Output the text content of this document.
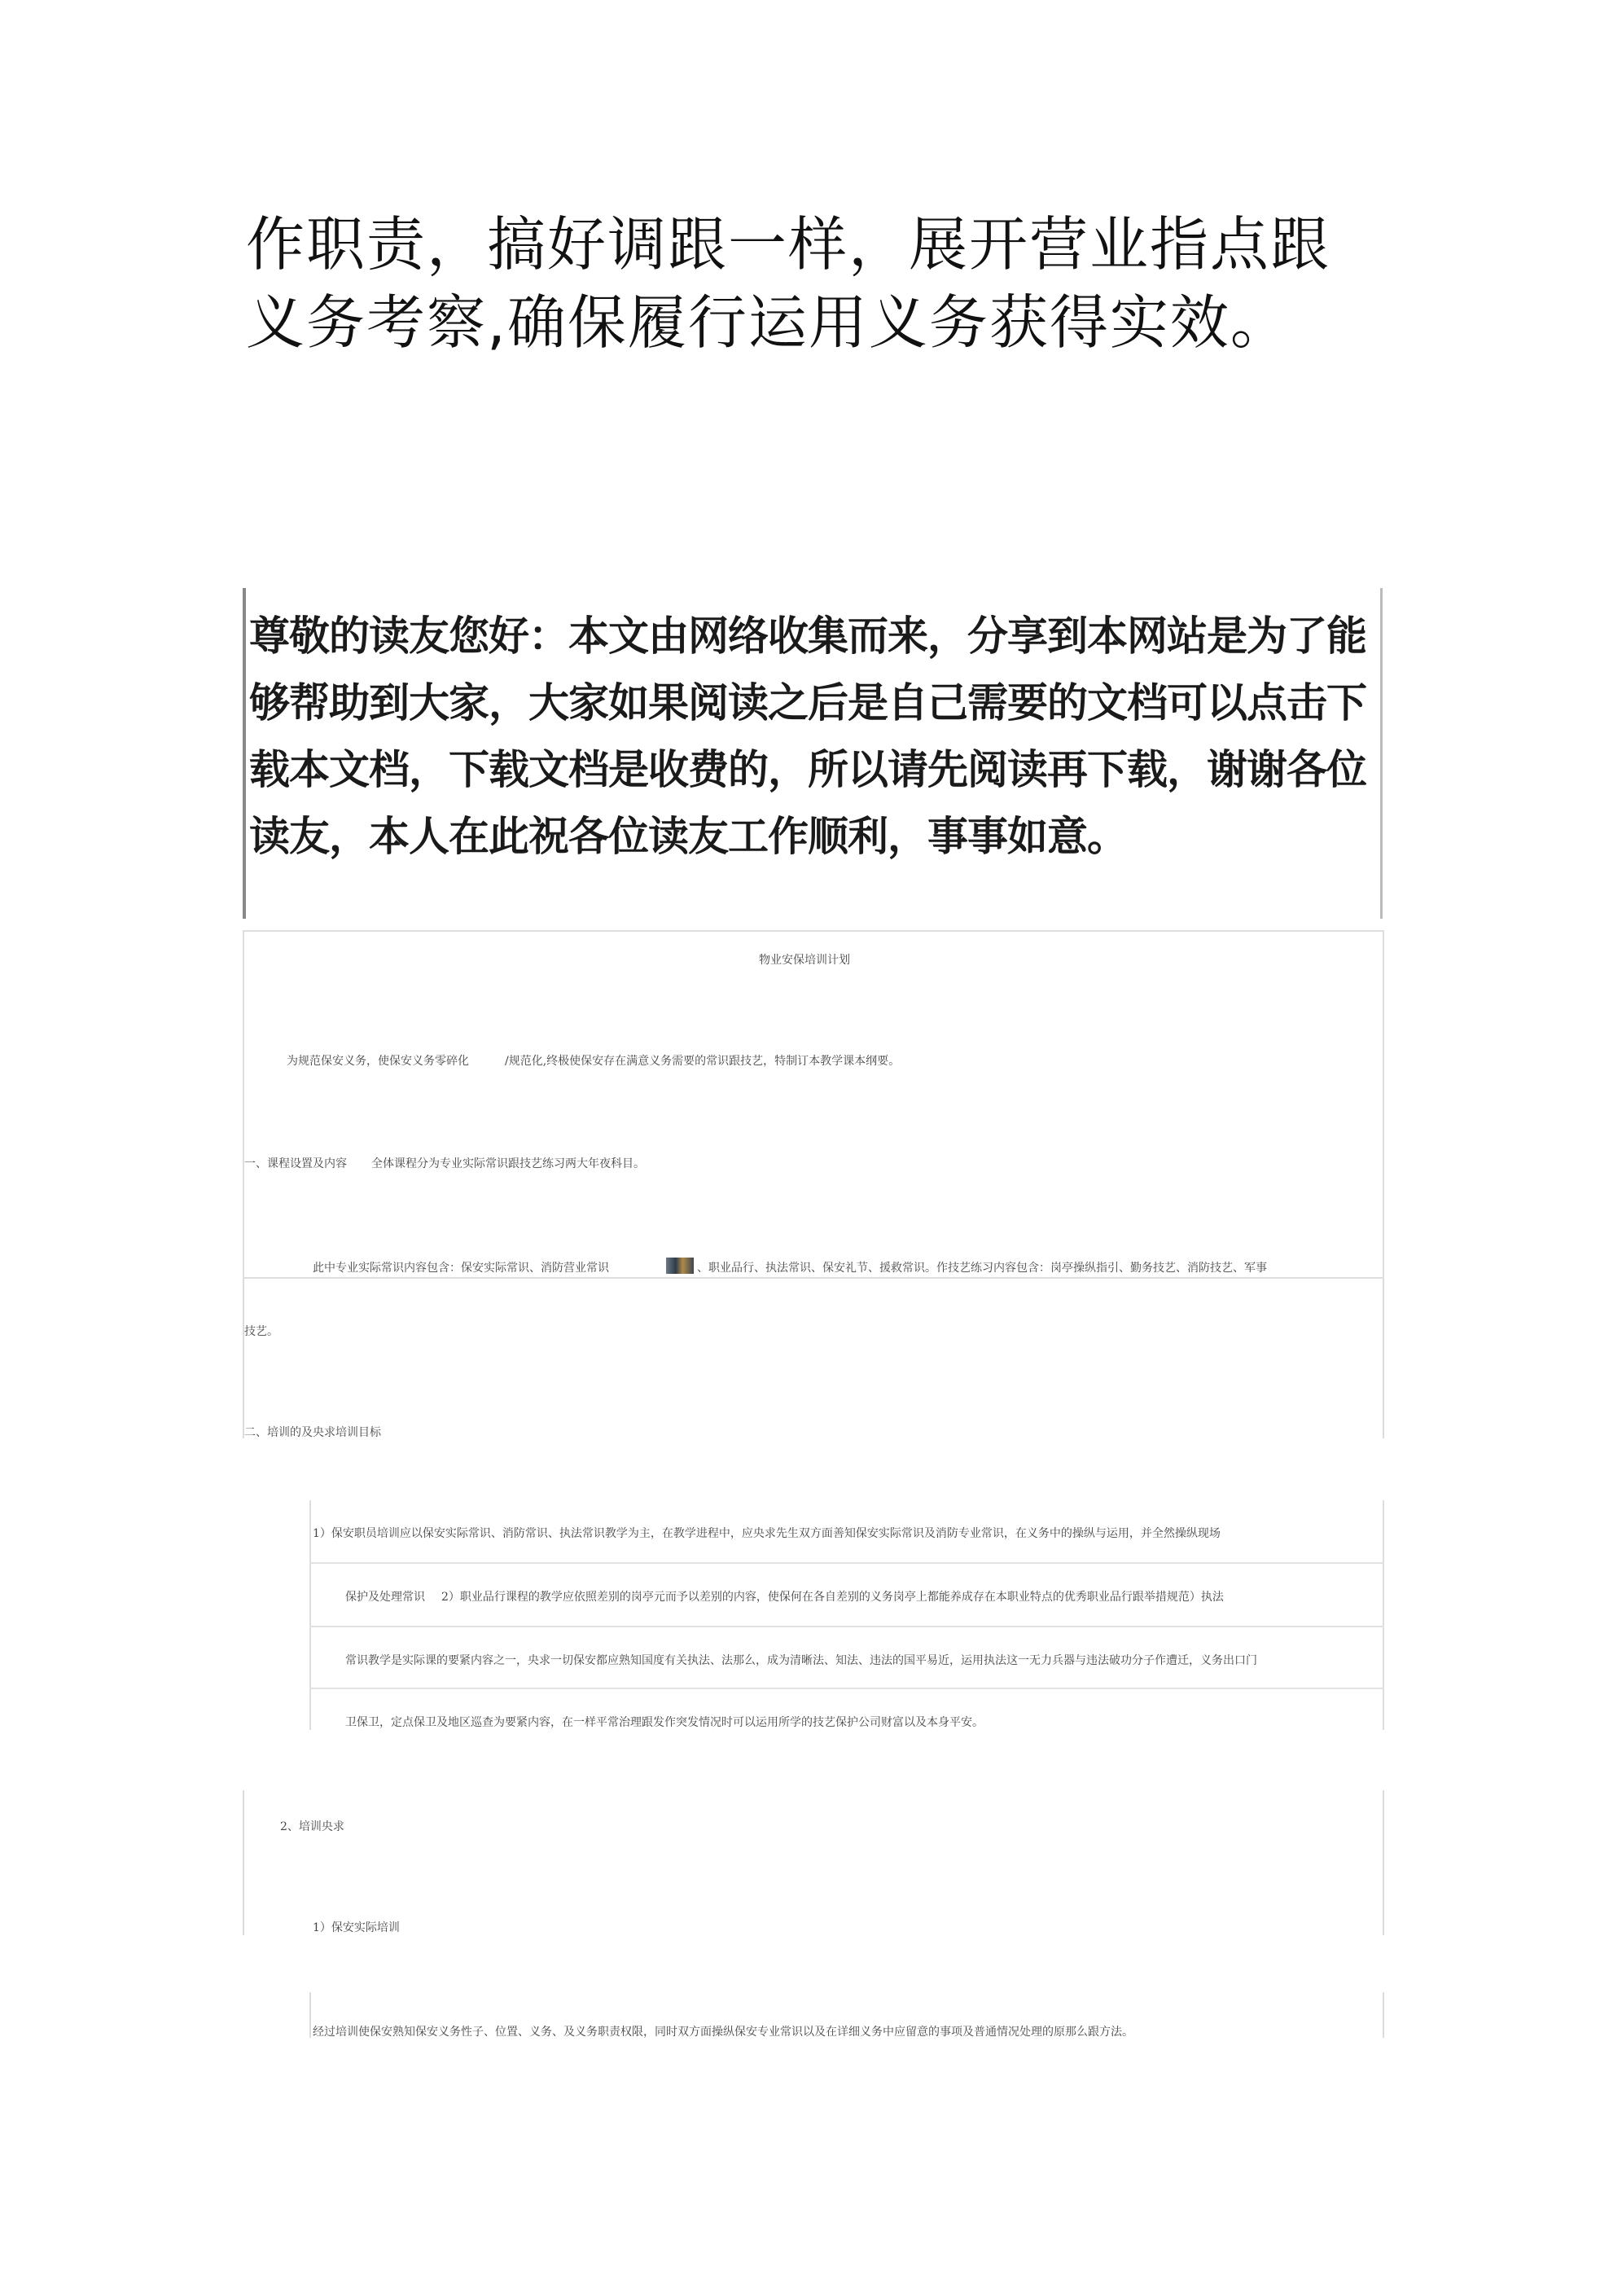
作职责，搞好调跟一样，展开营业指点跟义务考察,确保履行运用义务获得实效。
尊敬的读友您好：本文由网络收集而来，分享到本网站是为了能够帮助到大家，大家如果阅读之后是自己需要的文档可以点击下载本文档，下载文档是收费的，所以请先阅读再下载，谢谢各位读友，本人在此祝各位读友工作顺利，事事如意。
物业安保培训计划
为规范保安义务，使保安义务零碎化	/规范化,终极使保安存在满意义务需要的常识跟技艺，特制订本教学课本纲要。
一、课程设置及内容 全体课程分为专业实际常识跟技艺练习两大年夜科目。
此中专业实际常识内容包含：保安实际常识、消防营业常识	、职业品行、执法常识、保安礼节、援救常识。作技艺练习内容包含：岗亭操纵指引、勤务技艺、消防技艺、军事
技艺。
二、培训的及央求培训目标
1）保安职员培训应以保安实际常识、消防常识、执法常识教学为主，在教学进程中，应央求先生双方面善知保安实际常识及消防专业常识，在义务中的操纵与运用，并全然操纵现场
保护及处理常识 2）职业品行课程的教学应依照差别的岗亭元而予以差别的内容，使保何在各自差别的义务岗亭上都能养成存在本职业特点的优秀职业品行跟举措规范）执法
常识教学是实际课的要紧内容之一，央求一切保安都应熟知国度有关执法、法那么，成为清晰法、知法、违法的国平易近，运用执法这一无力兵器与违法破功分子作遭迁，义务出口门
卫保卫，定点保卫及地区巡查为要紧内容，在一样平常治理跟发作突发情况时可以运用所学的技艺保护公司财富以及本身平安。
2、培训央求
1）保安实际培训
经过培训使保安熟知保安义务性子、位置、义务、及义务职责权限，同时双方面操纵保安专业常识以及在详细义务中应留意的事项及普通情况处理的原那么跟方法。
